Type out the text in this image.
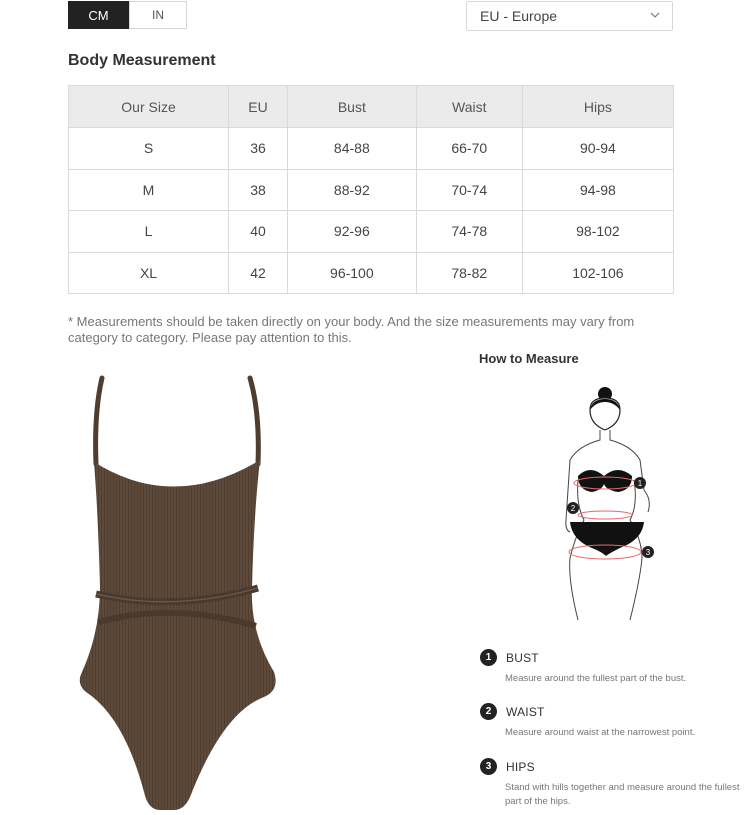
CM	IN	EU - Europe
Body Measurement
Our Size	EU	Bust	Waist	Hips
S	36	84-88	66-70	90-94
M	38	88-92	70-74	94-98
L	40	92-96	74-78	98-102
XL	42	96-100	78-82	102-106

* Measurements should be taken directly on your body. And the size measurements may vary from category to category. Please pay attention to this.

How to Measure
1
2
3
1	BUST
Measure around the fullest part of the bust.
2	WAIST
Measure around waist at the narrowest point.
3	HIPS
Stand with hills together and measure around the fullest part of the hips.
